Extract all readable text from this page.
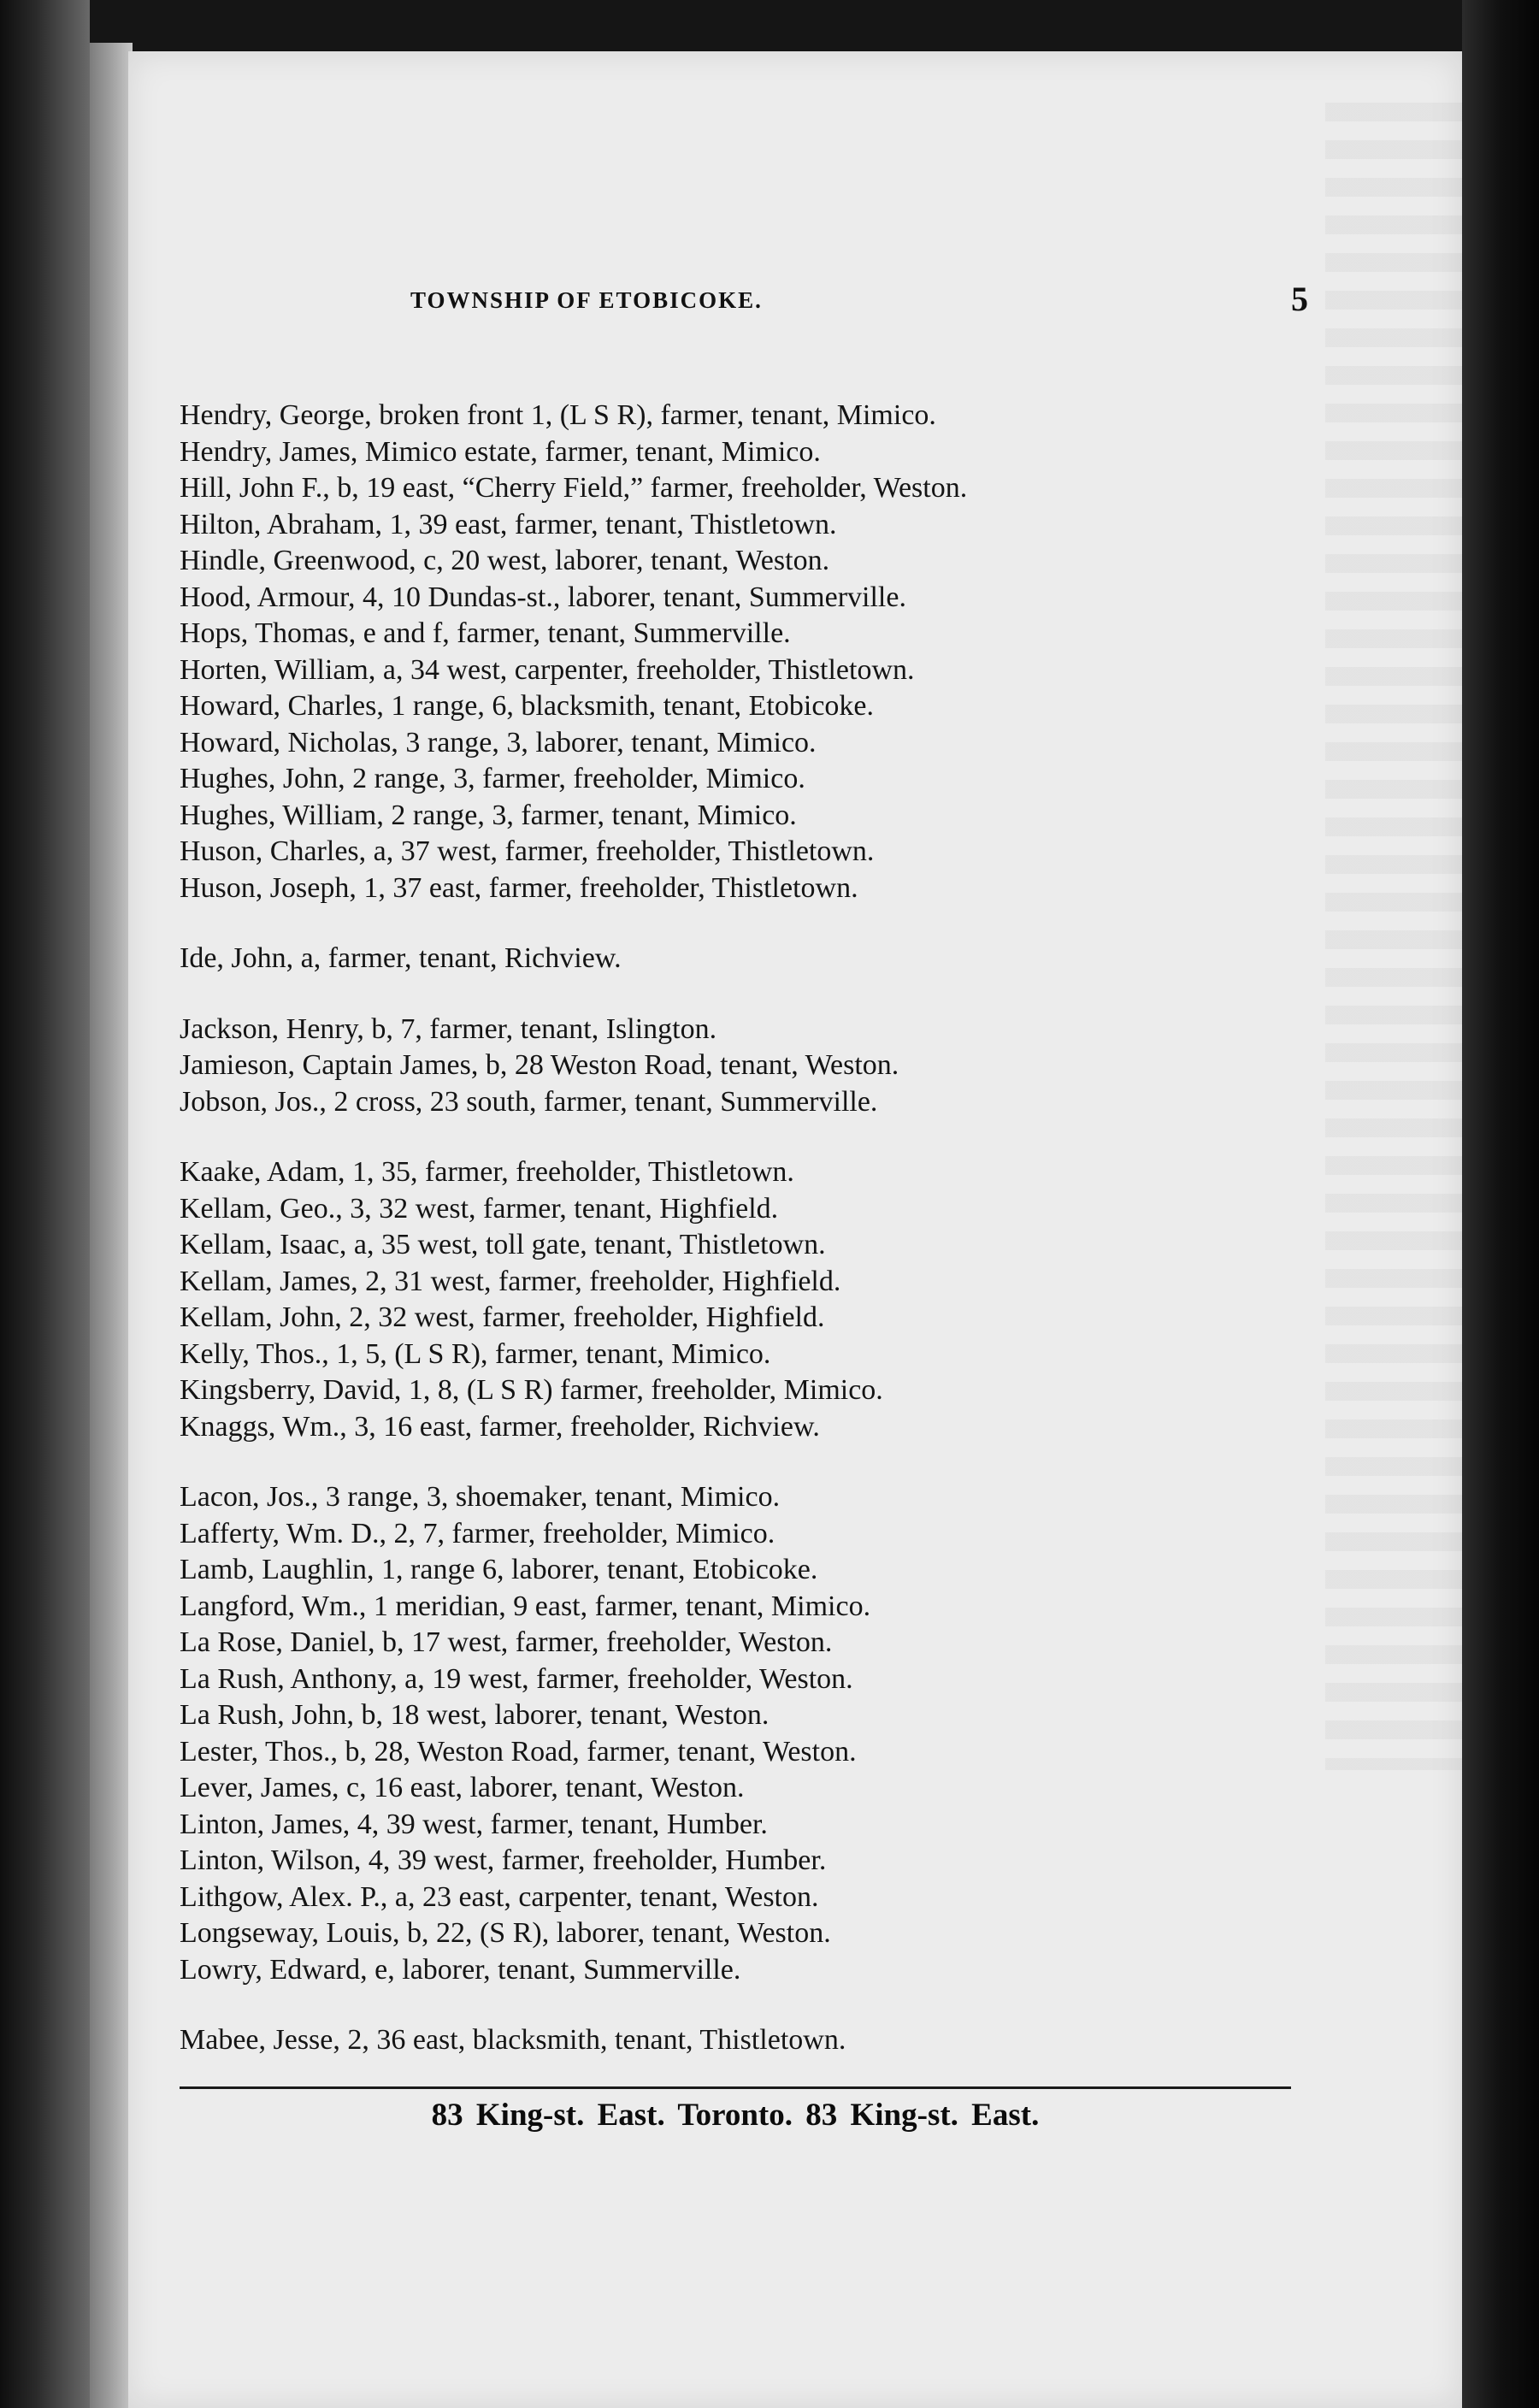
TOWNSHIP OF ETOBICOKE.	5
Hendry, George, broken front 1, (L S R), farmer, tenant, Mimico.
Hendry, James, Mimico estate, farmer, tenant, Mimico.
Hill, John F., b, 19 east, “Cherry Field,” farmer, freeholder, Weston.
Hilton, Abraham, 1, 39 east, farmer, tenant, Thistletown.
Hindle, Greenwood, c, 20 west, laborer, tenant, Weston.
Hood, Armour, 4, 10 Dundas-st., laborer, tenant, Summerville.
Hops, Thomas, e and f, farmer, tenant, Summerville.
Horten, William, a, 34 west, carpenter, freeholder, Thistletown.
Howard, Charles, 1 range, 6, blacksmith, tenant, Etobicoke.
Howard, Nicholas, 3 range, 3, laborer, tenant, Mimico.
Hughes, John, 2 range, 3, farmer, freeholder, Mimico.
Hughes, William, 2 range, 3, farmer, tenant, Mimico.
Huson, Charles, a, 37 west, farmer, freeholder, Thistletown.
Huson, Joseph, 1, 37 east, farmer, freeholder, Thistletown.
Ide, John, a, farmer, tenant, Richview.
Jackson, Henry, b, 7, farmer, tenant, Islington.
Jamieson, Captain James, b, 28 Weston Road, tenant, Weston.
Jobson, Jos., 2 cross, 23 south, farmer, tenant, Summerville.
Kaake, Adam, 1, 35, farmer, freeholder, Thistletown.
Kellam, Geo., 3, 32 west, farmer, tenant, Highfield.
Kellam, Isaac, a, 35 west, toll gate, tenant, Thistletown.
Kellam, James, 2, 31 west, farmer, freeholder, Highfield.
Kellam, John, 2, 32 west, farmer, freeholder, Highfield.
Kelly, Thos., 1, 5, (L S R), farmer, tenant, Mimico.
Kingsberry, David, 1, 8, (L S R) farmer, freeholder, Mimico.
Knaggs, Wm., 3, 16 east, farmer, freeholder, Richview.
Lacon, Jos., 3 range, 3, shoemaker, tenant, Mimico.
Lafferty, Wm. D., 2, 7, farmer, freeholder, Mimico.
Lamb, Laughlin, 1, range 6, laborer, tenant, Etobicoke.
Langford, Wm., 1 meridian, 9 east, farmer, tenant, Mimico.
La Rose, Daniel, b, 17 west, farmer, freeholder, Weston.
La Rush, Anthony, a, 19 west, farmer, freeholder, Weston.
La Rush, John, b, 18 west, laborer, tenant, Weston.
Lester, Thos., b, 28, Weston Road, farmer, tenant, Weston.
Lever, James, c, 16 east, laborer, tenant, Weston.
Linton, James, 4, 39 west, farmer, tenant, Humber.
Linton, Wilson, 4, 39 west, farmer, freeholder, Humber.
Lithgow, Alex. P., a, 23 east, carpenter, tenant, Weston.
Longseway, Louis, b, 22, (S R), laborer, tenant, Weston.
Lowry, Edward, e, laborer, tenant, Summerville.
Mabee, Jesse, 2, 36 east, blacksmith, tenant, Thistletown.
83 King-st. East. Toronto. 83 King-st. East.
